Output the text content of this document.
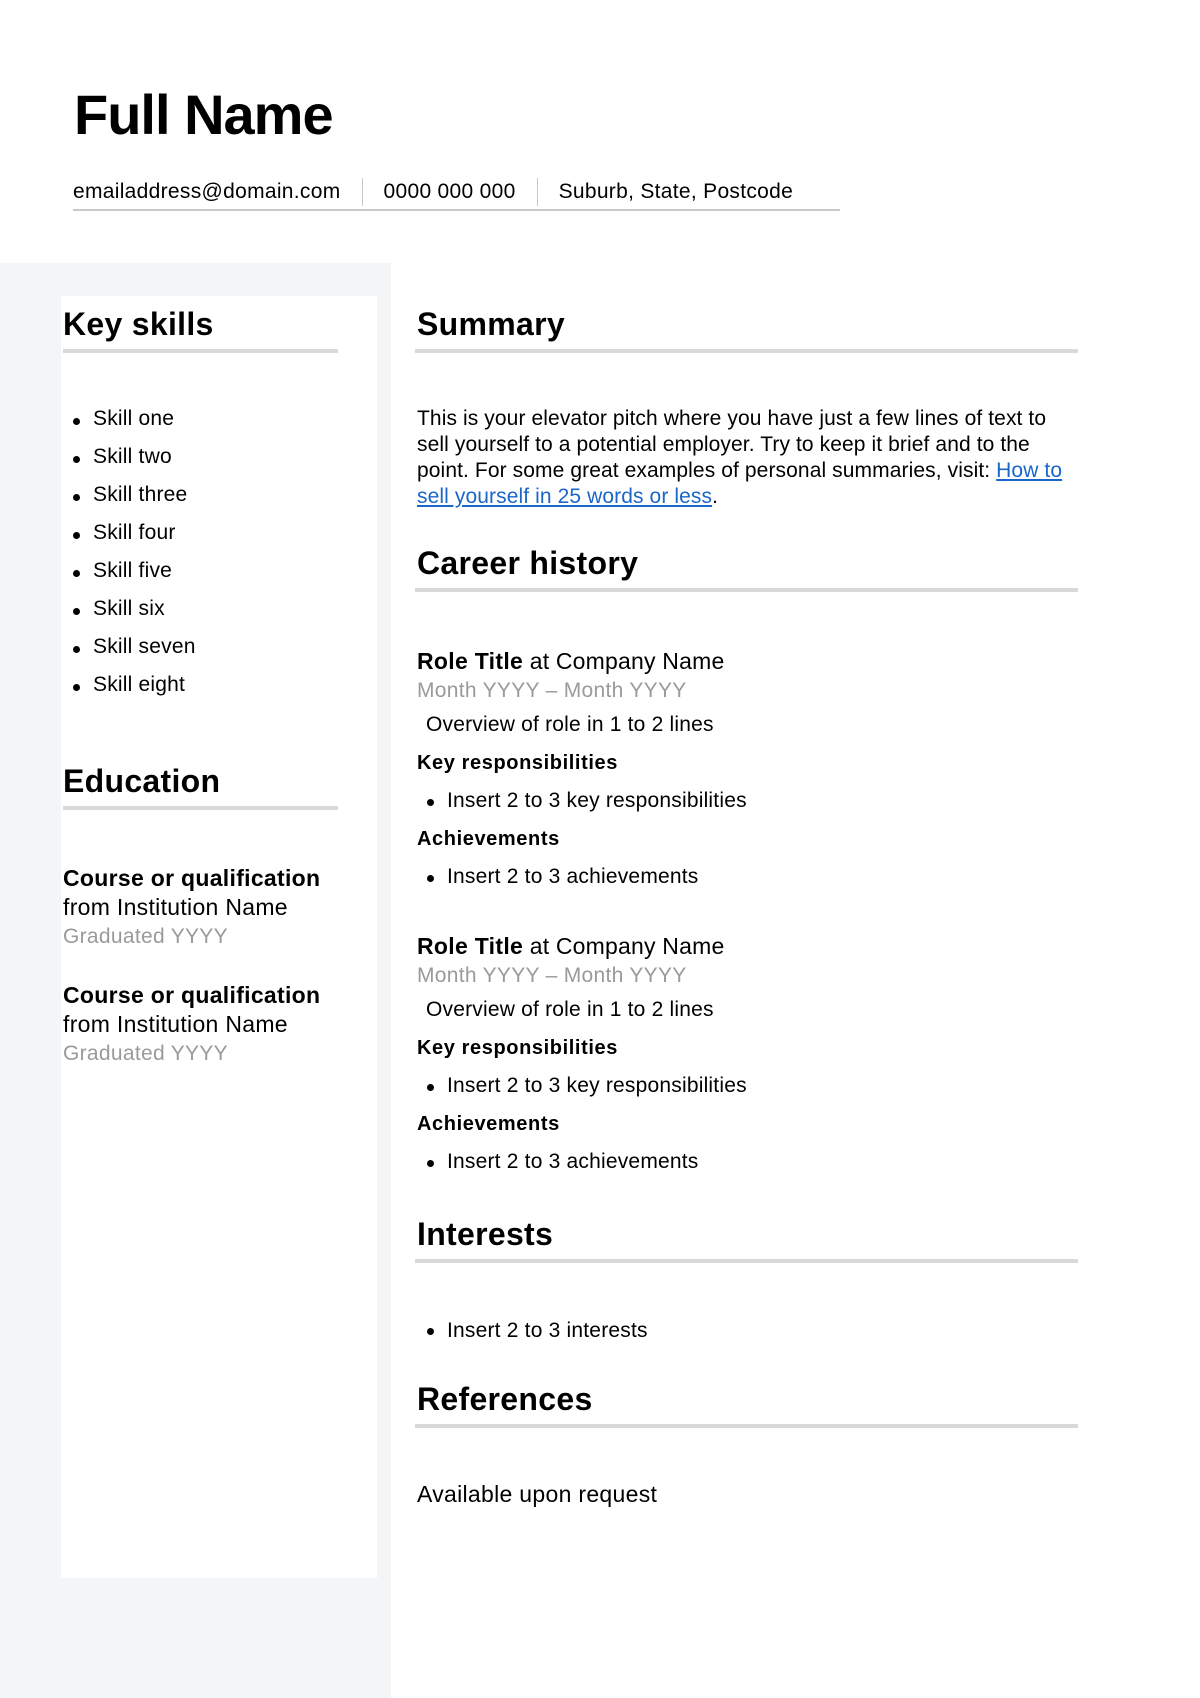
Full Name
emailaddress@domain.com 0000 000 000 Suburb, State, Postcode
Key skills
Skill one
Skill two
Skill three
Skill four
Skill five
Skill six
Skill seven
Skill eight
Education
Course or qualification
from Institution Name
Graduated YYYY
Course or qualification
from Institution Name
Graduated YYYY
Summary

This is your elevator pitch where you have just a few lines of text to sell yourself to a potential employer. Try to keep it brief and to the point. For some great examples of personal summaries, visit: How to sell yourself in 25 words or less.

Career history
Role Title at Company Name
Month YYYY – Month YYYY
Overview of role in 1 to 2 lines
Key responsibilities
Insert 2 to 3 key responsibilities
Achievements
Insert 2 to 3 achievements
Role Title at Company Name
Month YYYY – Month YYYY
Overview of role in 1 to 2 lines
Key responsibilities
Insert 2 to 3 key responsibilities
Achievements
Insert 2 to 3 achievements
Interests
Insert 2 to 3 interests
References

Available upon request
